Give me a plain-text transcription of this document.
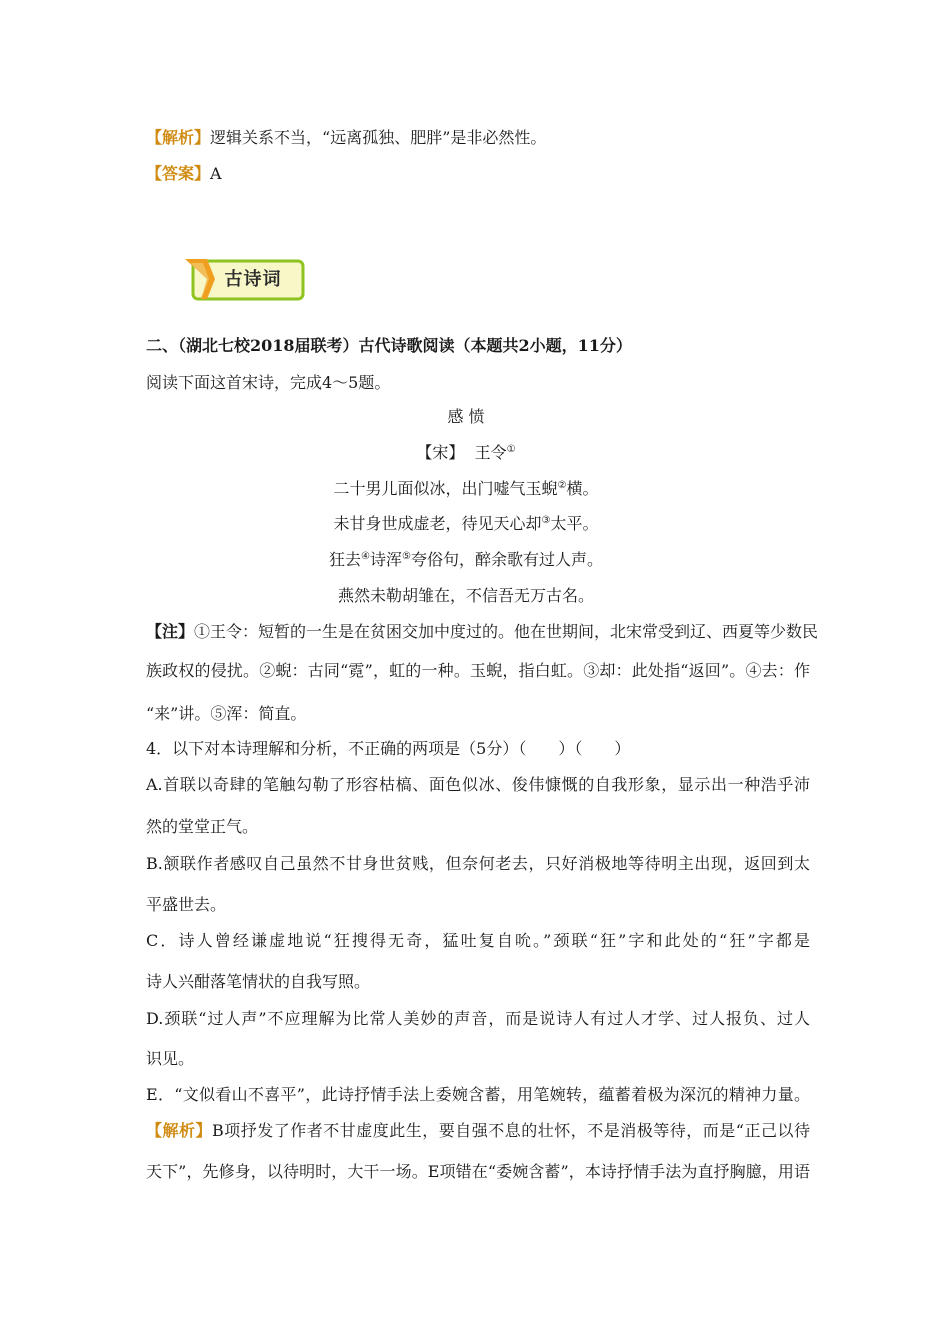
【解析】逻辑关系不当，“远离孤独、肥胖”是非必然性。
【答案】A
古诗词
二、（湖北七校2018届联考）古代诗歌阅读（本题共2小题，11分）
阅读下面这首宋诗，完成4～5题。
感 愤
【宋】 王令①
二十男儿面似冰，出门嘘气玉蜺②横。
未甘身世成虚老，待见天心却③太平。
狂去④诗浑⑤夸俗句，醉余歌有过人声。
燕然未勒胡雏在，不信吾无万古名。
【注】①王令：短暂的一生是在贫困交加中度过的。他在世期间，北宋常受到辽、西夏等少数民
族政权的侵扰。②蜺：古同“霓”，虹的一种。玉蜺，指白虹。③却：此处指“返回”。④去：作
“来”讲。⑤浑：简直。
4．以下对本诗理解和分析，不正确的两项是（5分）（　　）（　　）
A.首联以奇肆的笔触勾勒了形容枯槁、面色似冰、俊伟慷慨的自我形象，显示出一种浩乎沛
然的堂堂正气。
B.颔联作者感叹自己虽然不甘身世贫贱，但奈何老去，只好消极地等待明主出现，返回到太
平盛世去。
C．诗人曾经谦虚地说“狂搜得无奇，猛吐复自吮。”颈联“狂”字和此处的“狂”字都是
诗人兴酣落笔情状的自我写照。
D.颈联“过人声”不应理解为比常人美妙的声音，而是说诗人有过人才学、过人报负、过人
识见。
E．“文似看山不喜平”，此诗抒情手法上委婉含蓄，用笔婉转，蕴蓄着极为深沉的精神力量。
【解析】B项抒发了作者不甘虚度此生，要自强不息的壮怀，不是消极等待，而是“正己以待
天下”，先修身，以待明时，大干一场。E项错在“委婉含蓄”，本诗抒情手法为直抒胸臆，用语
